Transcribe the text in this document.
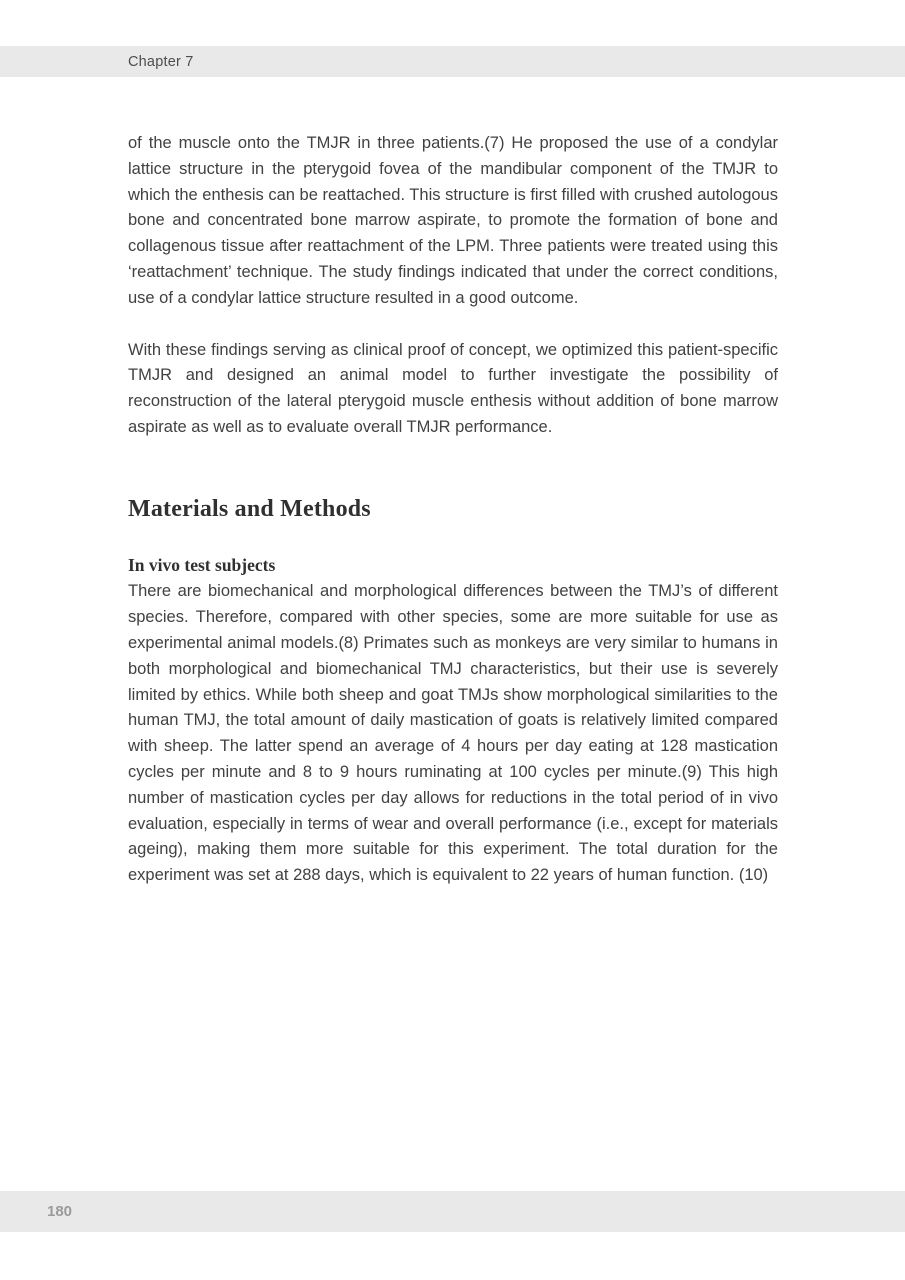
Chapter 7

of the muscle onto the TMJR in three patients.(7) He proposed the use of a condylar lattice structure in the pterygoid fovea of the mandibular component of the TMJR to which the enthesis can be reattached. This structure is first filled with crushed autologous bone and concentrated bone marrow aspirate, to promote the formation of bone and collagenous tissue after reattachment of the LPM. Three patients were treated using this ‘reattachment’ technique. The study findings indicated that under the correct conditions, use of a condylar lattice structure resulted in a good outcome.

With these findings serving as clinical proof of concept, we optimized this patient-specific TMJR and designed an animal model to further investigate the possibility of reconstruction of the lateral pterygoid muscle enthesis without addition of bone marrow aspirate as well as to evaluate overall TMJR performance.

Materials and Methods
In vivo test subjects

There are biomechanical and morphological differences between the TMJ’s of different species. Therefore, compared with other species, some are more suitable for use as experimental animal models.(8) Primates such as monkeys are very similar to humans in both morphological and biomechanical TMJ characteristics, but their use is severely limited by ethics. While both sheep and goat TMJs show morphological similarities to the human TMJ, the total amount of daily mastication of goats is relatively limited compared with sheep. The latter spend an average of 4 hours per day eating at 128 mastication cycles per minute and 8 to 9 hours ruminating at 100 cycles per minute.(9) This high number of mastication cycles per day allows for reductions in the total period of in vivo evaluation, especially in terms of wear and overall performance (i.e., except for materials ageing), making them more suitable for this experiment. The total duration for the experiment was set at 288 days, which is equivalent to 22 years of human function. (10)

180
